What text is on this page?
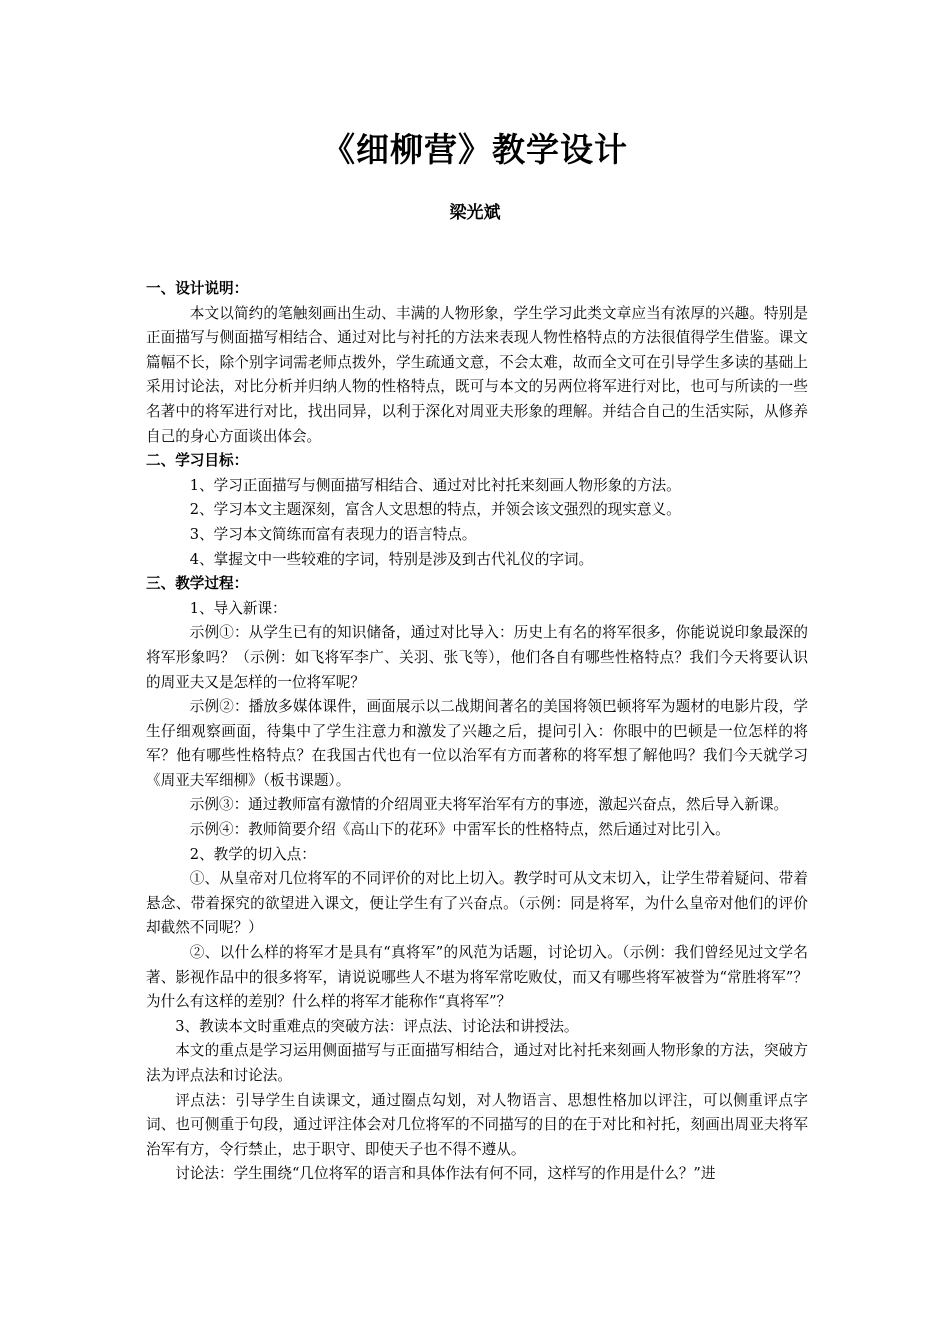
《细柳营》教学设计
梁光斌

一、设计说明：

本文以简约的笔触刻画出生动、丰满的人物形象，学生学习此类文章应当有浓厚的兴趣。特别是正面描写与侧面描写相结合、通过对比与衬托的方法来表现人物性格特点的方法很值得学生借鉴。课文篇幅不长，除个别字词需老师点拨外，学生疏通文意，不会太难，故而全文可在引导学生多读的基础上采用讨论法，对比分析并归纳人物的性格特点，既可与本文的另两位将军进行对比，也可与所读的一些名著中的将军进行对比，找出同异，以利于深化对周亚夫形象的理解。并结合自己的生活实际，从修养自己的身心方面谈出体会。

二、学习目标：

1、学习正面描写与侧面描写相结合、通过对比衬托来刻画人物形象的方法。

2、学习本文主题深刻，富含人文思想的特点，并领会该文强烈的现实意义。

3、学习本文简练而富有表现力的语言特点。

4、掌握文中一些较难的字词，特别是涉及到古代礼仪的字词。

三、教学过程：

1、导入新课：

示例①：从学生已有的知识储备，通过对比导入：历史上有名的将军很多，你能说说印象最深的将军形象吗？（示例：如飞将军李广、关羽、张飞等），他们各自有哪些性格特点？我们今天将要认识的周亚夫又是怎样的一位将军呢？

示例②：播放多媒体课件，画面展示以二战期间著名的美国将领巴顿将军为题材的电影片段，学生仔细观察画面，待集中了学生注意力和激发了兴趣之后，提问引入：你眼中的巴顿是一位怎样的将军？他有哪些性格特点？在我国古代也有一位以治军有方而著称的将军想了解他吗？我们今天就学习《周亚夫军细柳》（板书课题）。

示例③：通过教师富有激情的介绍周亚夫将军治军有方的事迹，激起兴奋点，然后导入新课。

示例④：教师简要介绍《高山下的花环》中雷军长的性格特点，然后通过对比引入。

2、教学的切入点：

①、从皇帝对几位将军的不同评价的对比上切入。教学时可从文末切入，让学生带着疑问、带着悬念、带着探究的欲望进入课文，便让学生有了兴奋点。（示例：同是将军，为什么皇帝对他们的评价却截然不同呢？）

②、以什么样的将军才是具有“真将军”的风范为话题，讨论切入。（示例：我们曾经见过文学名著、影视作品中的很多将军，请说说哪些人不堪为将军常吃败仗，而又有哪些将军被誉为“常胜将军”？为什么有这样的差别？什么样的将军才能称作“真将军”？

3、教读本文时重难点的突破方法：评点法、讨论法和讲授法。

本文的重点是学习运用侧面描写与正面描写相结合，通过对比衬托来刻画人物形象的方法，突破方法为评点法和讨论法。

评点法：引导学生自读课文，通过圈点勾划，对人物语言、思想性格加以评注，可以侧重评点字词、也可侧重于句段，通过评注体会对几位将军的不同描写的目的在于对比和衬托，刻画出周亚夫将军治军有方，令行禁止，忠于职守、即使天子也不得不遵从。

讨论法：学生围绕“几位将军的语言和具体作法有何不同，这样写的作用是什么？”进
